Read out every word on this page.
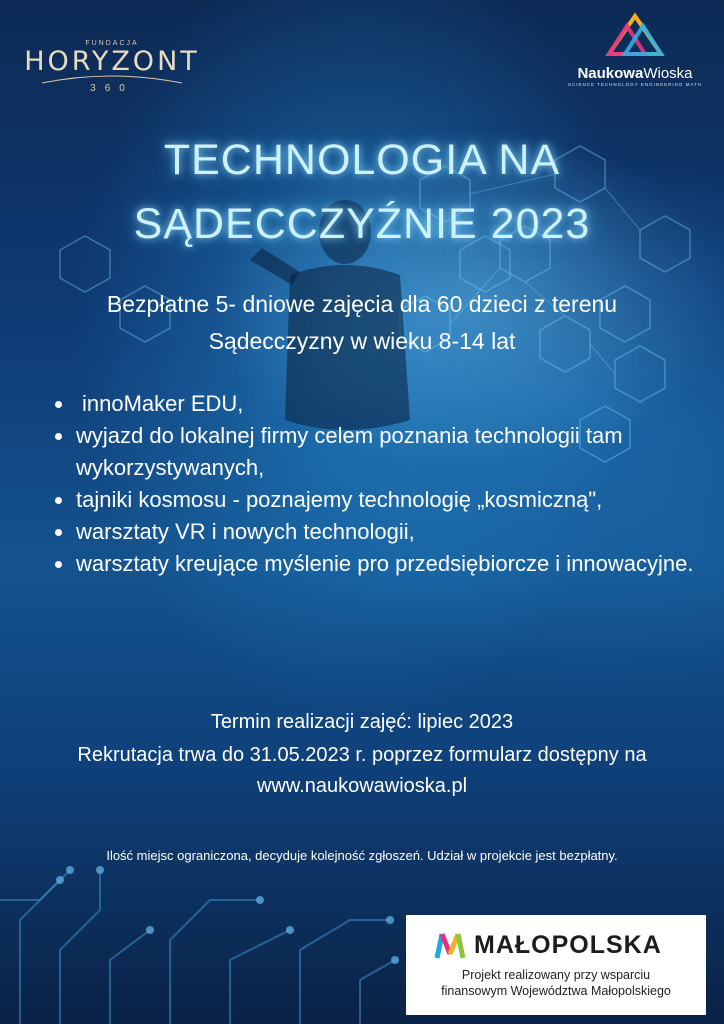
FUNDACJA
HORYZONT
360
NaukowaWioska
SCIENCE TECHNOLOGY ENGINEERING MATH
TECHNOLOGIA NA
SĄDECCZYŹNIE 2023
Bezpłatne 5- dniowe zajęcia dla 60 dzieci z terenu
Sądecczyzny w wieku 8-14 lat
innoMaker EDU,
wyjazd do lokalnej firmy celem poznania technologii tam wykorzystywanych,
tajniki kosmosu - poznajemy technologię „kosmiczną",
warsztaty VR i nowych technologii,
warsztaty kreujące myślenie pro przedsiębiorcze i innowacyjne.
Termin realizacji zajęć: lipiec 2023
Rekrutacja trwa do 31.05.2023 r. poprzez formularz dostępny na
www.naukowawioska.pl
Ilość miejsc ograniczona, decyduje kolejność zgłoszeń. Udział w projekcie jest bezpłatny.
MAŁOPOLSKA
Projekt realizowany przy wsparciu
finansowym Województwa Małopolskiego
